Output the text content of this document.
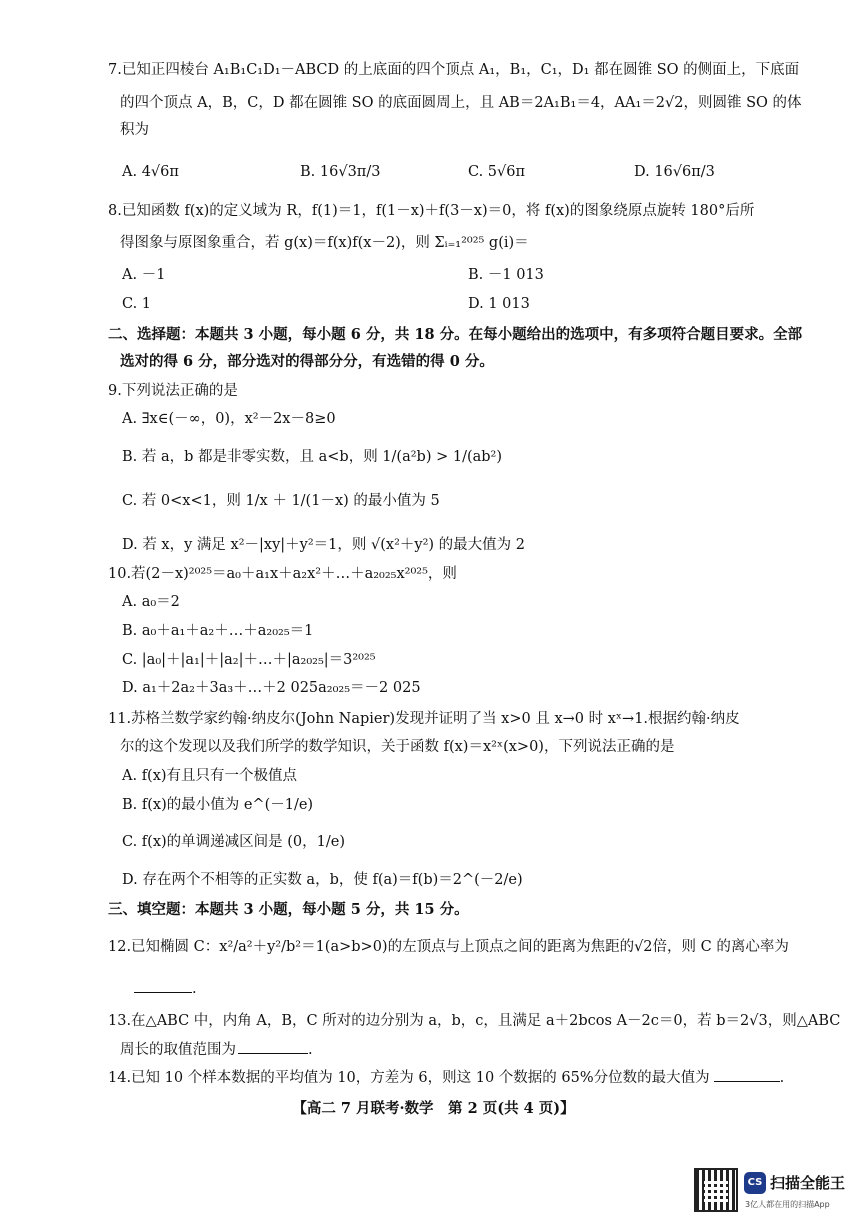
7.已知正四棱台 A₁B₁C₁D₁－ABCD 的上底面的四个顶点 A₁，B₁，C₁，D₁ 都在圆锥 SO 的侧面上，下底面
的四个顶点 A，B，C，D 都在圆锥 SO 的底面圆周上，且 AB＝2A₁B₁＝4，AA₁＝2√2，则圆锥 SO 的体
积为
A. 4√6π	B. 16√3π/3	C. 5√6π	D. 16√6π/3
8.已知函数 f(x)的定义域为 R，f(1)＝1，f(1－x)＋f(3－x)＝0，将 f(x)的图象绕原点旋转 180°后所
得图象与原图象重合，若 g(x)＝f(x)f(x－2)，则 Σᵢ₌₁²⁰²⁵ g(i)＝
A. －1	B. －1 013
C. 1	D. 1 013
二、选择题：本题共 3 小题，每小题 6 分，共 18 分。在每小题给出的选项中，有多项符合题目要求。全部
选对的得 6 分，部分选对的得部分分，有选错的得 0 分。
9.下列说法正确的是
A. ∃x∈(－∞，0)，x²－2x－8≥0
B. 若 a，b 都是非零实数，且 a<b，则 1/(a²b) > 1/(ab²)
C. 若 0<x<1，则 1/x ＋ 1/(1－x) 的最小值为 5
D. 若 x，y 满足 x²－|xy|＋y²＝1，则 √(x²＋y²) 的最大值为 2
10.若(2－x)²⁰²⁵＝a₀＋a₁x＋a₂x²＋…＋a₂₀₂₅x²⁰²⁵，则
A. a₀＝2
B. a₀＋a₁＋a₂＋…＋a₂₀₂₅＝1
C. |a₀|＋|a₁|＋|a₂|＋…＋|a₂₀₂₅|＝3²⁰²⁵
D. a₁＋2a₂＋3a₃＋…＋2 025a₂₀₂₅＝－2 025
11.苏格兰数学家约翰·纳皮尔(John Napier)发现并证明了当 x>0 且 x→0 时 xˣ→1.根据约翰·纳皮
尔的这个发现以及我们所学的数学知识，关于函数 f(x)＝x²ˣ(x>0)，下列说法正确的是
A. f(x)有且只有一个极值点
B. f(x)的最小值为 e^(－1/e)
C. f(x)的单调递减区间是 (0，1/e)
D. 存在两个不相等的正实数 a，b，使 f(a)＝f(b)＝2^(－2/e)
三、填空题：本题共 3 小题，每小题 5 分，共 15 分。
12.已知椭圆 C：x²/a²＋y²/b²＝1(a>b>0)的左顶点与上顶点之间的距离为焦距的√2倍，则 C 的离心率为
.
13.在△ABC 中，内角 A，B，C 所对的边分别为 a，b，c，且满足 a＋2bcos A－2c＝0，若 b＝2√3，则△ABC
周长的取值范围为	.
14.已知 10 个样本数据的平均值为 10，方差为 6，则这 10 个数据的 65%分位数的最大值为	.
【高二 7 月联考·数学　第 2 页(共 4 页)】
CS 扫描全能王
3亿人都在用的扫描App
